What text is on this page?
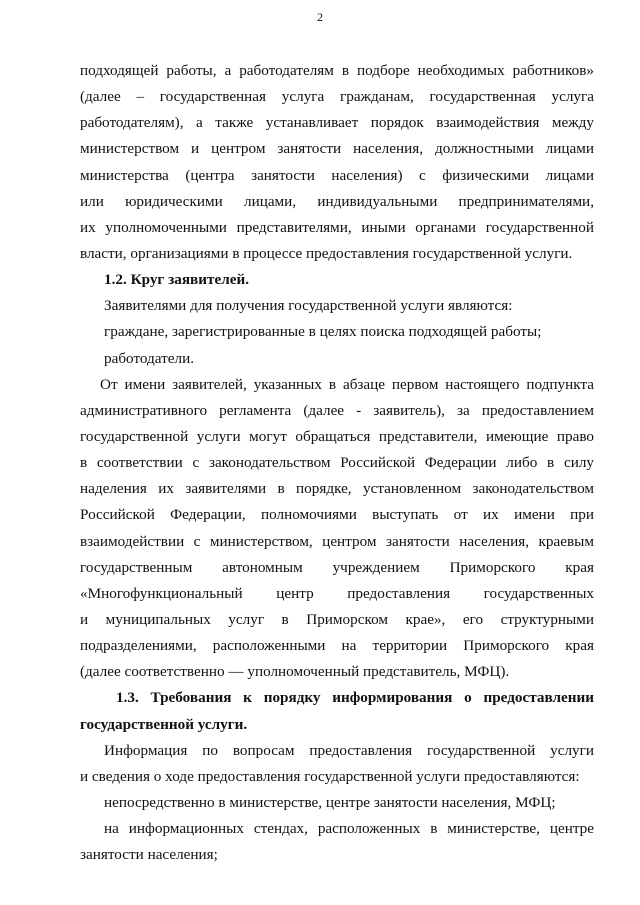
2
подходящей работы, а работодателям в подборе необходимых работников»
(далее – государственная услуга гражданам, государственная услуга
работодателям), а также устанавливает порядок взаимодействия между
министерством и центром занятости населения, должностными лицами
министерства (центра занятости населения) с физическими лицами
или юридическими лицами, индивидуальными предпринимателями,
их уполномоченными представителями, иными органами государственной
власти, организациями в процессе предоставления государственной услуги.
1.2. Круг заявителей.
Заявителями для получения государственной услуги являются:
граждане, зарегистрированные в целях поиска подходящей работы;
работодатели.
От имени заявителей, указанных в абзаце первом настоящего подпункта
административного регламента (далее - заявитель), за предоставлением
государственной услуги могут обращаться представители, имеющие право
в соответствии с законодательством Российской Федерации либо в силу
наделения их заявителями в порядке, установленном законодательством
Российской Федерации, полномочиями выступать от их имени при
взаимодействии с министерством, центром занятости населения, краевым
государственным автономным учреждением Приморского края
«Многофункциональный центр предоставления государственных
и муниципальных услуг в Приморском крае», его структурными
подразделениями, расположенными на территории Приморского края
(далее соответственно — уполномоченный представитель, МФЦ).
1.3. Требования к порядку информирования о предоставлении
государственной услуги.
Информация по вопросам предоставления государственной услуги
и сведения о ходе предоставления государственной услуги предоставляются:
непосредственно в министерстве, центре занятости населения, МФЦ;
на информационных стендах, расположенных в министерстве, центре
занятости населения;
